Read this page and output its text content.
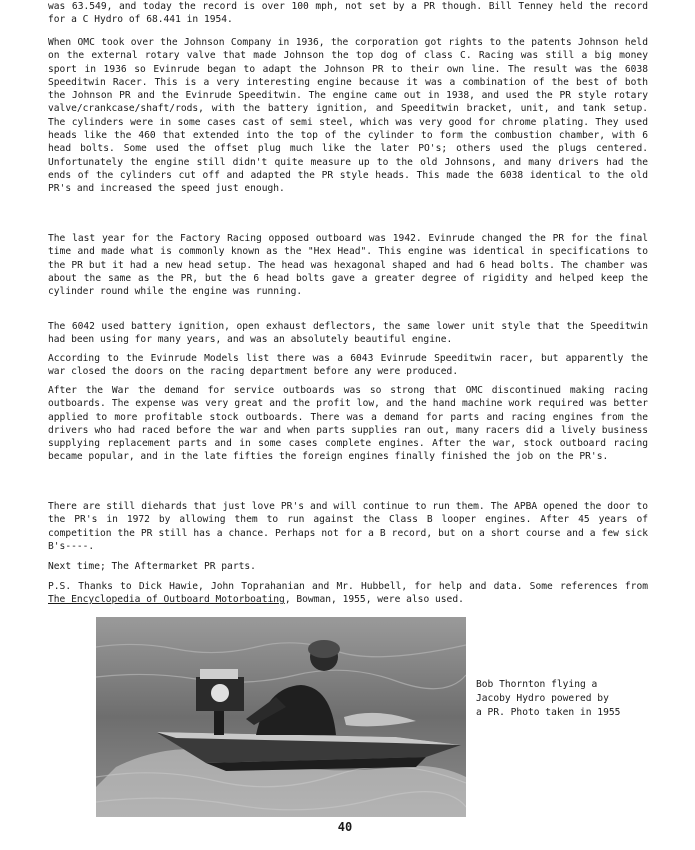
was 63.549, and today the record is over 100 mph, not set by a PR though. Bill Tenney held the record for a C Hydro of 68.441 in 1954.

When OMC took over the Johnson Company in 1936, the corporation got rights to the patents Johnson held on the external rotary valve that made Johnson the top dog of class C. Racing was still a big money sport in 1936 so Evinrude began to adapt the Johnson PR to their own line. The result was the 6038 Speeditwin Racer. This is a very interesting engine because it was a combination of the best of both the Johnson PR and the Evinrude Speeditwin. The engine came out in 1938, and used the PR style rotary valve/crankcase/shaft/rods, with the battery ignition, and Speeditwin bracket, unit, and tank setup. The cylinders were in some cases cast of semi steel, which was very good for chrome plating. They used heads like the 460 that extended into the top of the cylinder to form the combustion chamber, with 6 head bolts. Some used the offset plug much like the later PO's; others used the plugs centered. Unfortunately the engine still didn't quite measure up to the old Johnsons, and many drivers had the ends of the cylinders cut off and adapted the PR style heads. This made the 6038 identical to the old PR's and increased the speed just enough.

The last year for the Factory Racing opposed outboard was 1942. Evinrude changed the PR for the final time and made what is commonly known as the "Hex Head". This engine was identical in specifications to the PR but it had a new head setup. The head was hexagonal shaped and had 6 head bolts. The chamber was about the same as the PR, but the 6 head bolts gave a greater degree of rigidity and helped keep the cylinder round while the engine was running.

The 6042 used battery ignition, open exhaust deflectors, the same lower unit style that the Speeditwin had been using for many years, and was an absolutely beautiful engine.

According to the Evinrude Models list there was a 6043 Evinrude Speeditwin racer, but apparently the war closed the doors on the racing department before any were produced.

After the War the demand for service outboards was so strong that OMC discontinued making racing outboards. The expense was very great and the profit low, and the hand machine work required was better applied to more profitable stock outboards. There was a demand for parts and racing engines from the drivers who had raced before the war and when parts supplies ran out, many racers did a lively business supplying replacement parts and in some cases complete engines. After the war, stock outboard racing became popular, and in the late fifties the foreign engines finally finished the job on the PR's.

There are still diehards that just love PR's and will continue to run them. The APBA opened the door to the PR's in 1972 by allowing them to run against the Class B looper engines. After 45 years of competition the PR still has a chance. Perhaps not for a B record, but on a short course and a few sick B's----.

Next time; The Aftermarket PR parts.

P.S. Thanks to Dick Hawie, John Toprahanian and Mr. Hubbell, for help and data. Some references from The Encyclopedia of Outboard Motorboating, Bowman, 1955, were also used.

Bob Thornton flying a
Jacoby Hydro powered by
a PR. Photo taken in 1955
40
